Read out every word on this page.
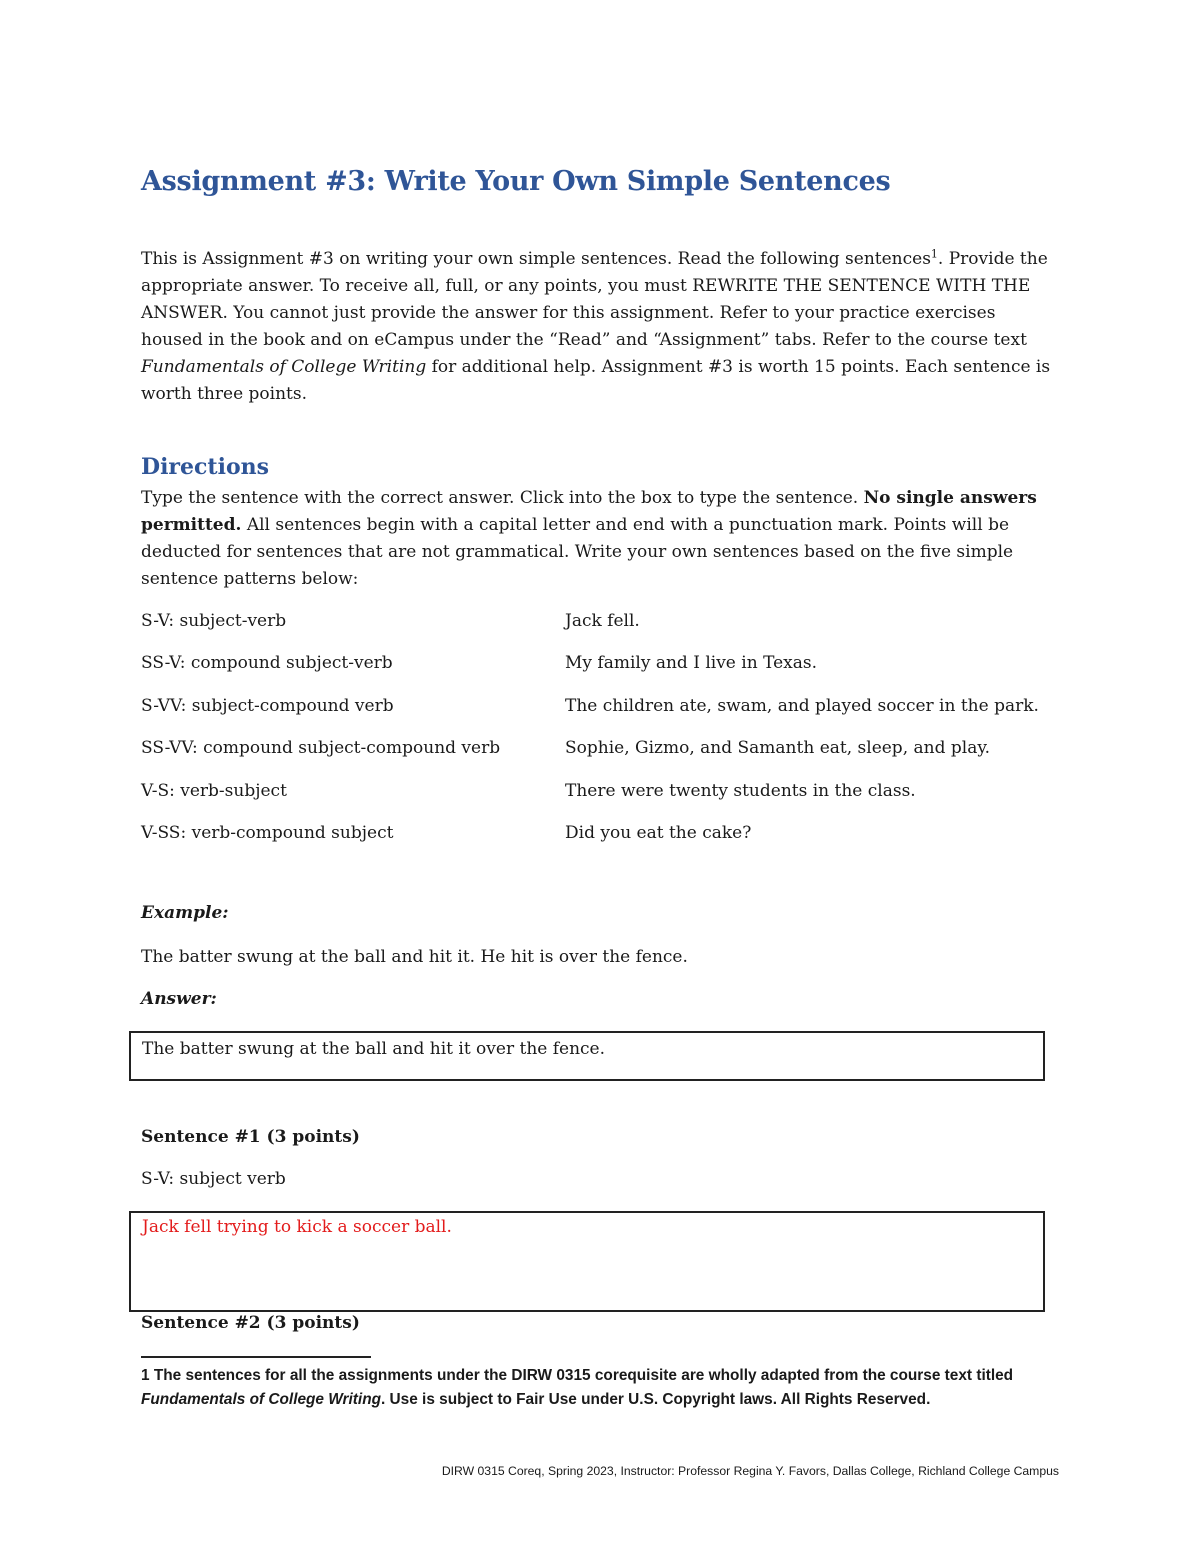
Assignment #3: Write Your Own Simple Sentences

This is Assignment #3 on writing your own simple sentences. Read the following sentences$^1$. Provide the appropriate answer. To receive all, full, or any points, you must REWRITE THE SENTENCE WITH THE ANSWER. You cannot just provide the answer for this assignment. Refer to your practice exercises housed in the book and on eCampus under the “Read” and “Assignment” tabs. Refer to the course text Fundamentals of College Writing for additional help. Assignment #3 is worth 15 points. Each sentence is worth three points.

Directions

Type the sentence with the correct answer. Click into the box to type the sentence. No single answers permitted. All sentences begin with a capital letter and end with a punctuation mark. Points will be deducted for sentences that are not grammatical. Write your own sentences based on the five simple sentence patterns below:

S-V: subject-verb	Jack fell.
SS-V: compound subject-verb	My family and I live in Texas.
S-VV: subject-compound verb	The children ate, swam, and played soccer in the park.
SS-VV: compound subject-compound verb	Sophie, Gizmo, and Samanth eat, sleep, and play.
V-S: verb-subject	There were twenty students in the class.
V-SS: verb-compound subject	Did you eat the cake?
Example:
The batter swung at the ball and hit it. He hit is over the fence.
Answer:
The batter swung at the ball and hit it over the fence.
Sentence #1 (3 points)
S-V: subject verb
Jack fell trying to kick a soccer ball.
Sentence #2 (3 points)

1 The sentences for all the assignments under the DIRW 0315 corequisite are wholly adapted from the course text titled Fundamentals of College Writing. Use is subject to Fair Use under U.S. Copyright laws. All Rights Reserved.

DIRW 0315 Coreq, Spring 2023, Instructor: Professor Regina Y. Favors, Dallas College, Richland College Campus
